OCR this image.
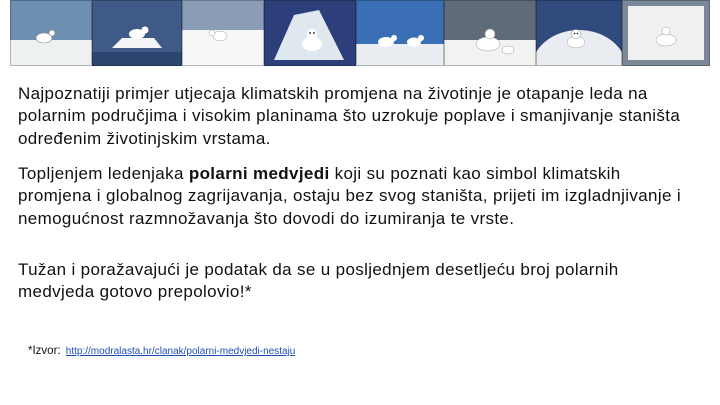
Najpoznatiji primjer utjecaja klimatskih promjena na životinje je otapanje leda na polarnim područjima i visokim planinama što uzrokuje poplave i smanjivanje staništa određenim životinjskim vrstama.

Topljenjem ledenjaka polarni medvjedi koji su poznati kao simbol klimatskih promjena i globalnog zagrijavanja, ostaju bez svog staništa, prijeti im izgladnjivanje i nemogućnost razmnožavanja što dovodi do izumiranja te vrste.

Tužan i poražavajući je podatak da se u posljednjem desetljeću broj polarnih medvjeda gotovo prepolovio!*

*Izvor: http://modralasta.hr/clanak/polarni-medvjedi-nestaju
